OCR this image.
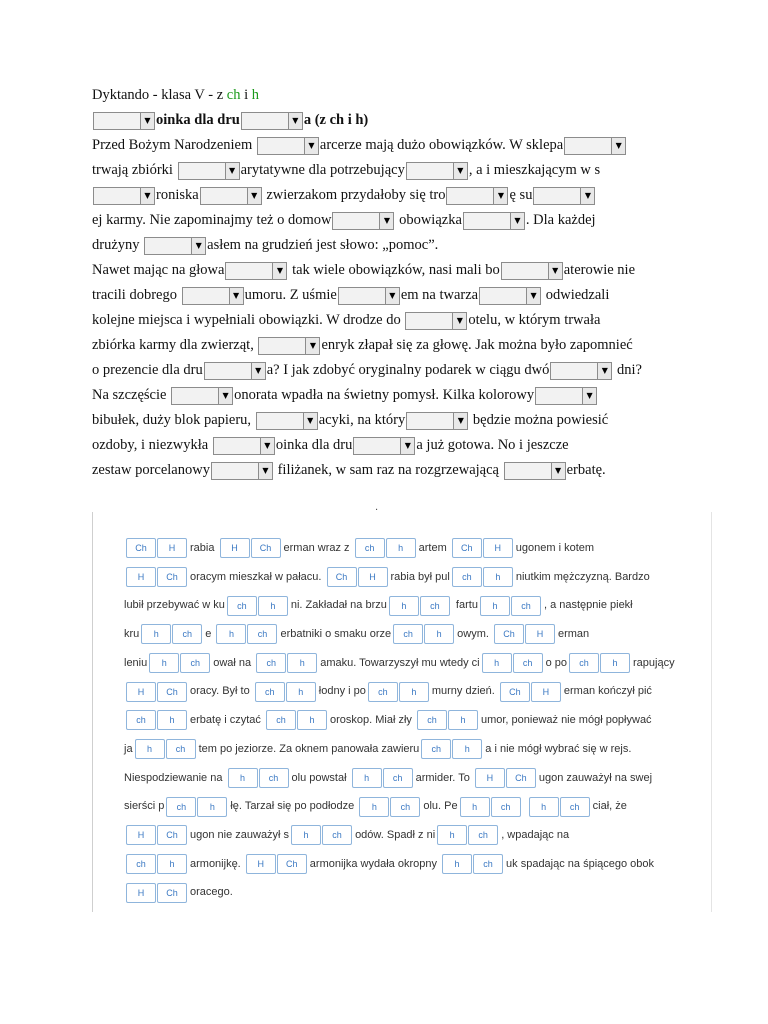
Dyktando - klasa V - z ch i h
▼ oinka dla dru	▼ a (z ch i h)
Przed Bożym Narodzeniem	▼ arcerze mają dużo obowiązków. W sklepa	▼
trwają zbiórki	▼ arytatywne dla potrzebujący	▼ , a i mieszkającym w s
▼ roniska	▼ zwierzakom przydałoby się tro	▼ ę su	▼
ej karmy. Nie zapominajmy też o domow	▼ obowiązka	▼ . Dla każdej
drużyny	▼ asłem na grudzień jest słowo: „pomoc”.
Nawet mając na głowa	▼ tak wiele obowiązków, nasi mali bo	▼ aterowie nie
tracili dobrego	▼ umoru. Z uśmie	▼ em na twarza	▼ odwiedzali
kolejne miejsca i wypełniali obowiązki. W drodze do	▼ otelu, w którym trwała
zbiórka karmy dla zwierząt,	▼ enryk złapał się za głowę. Jak można było zapomnieć
o prezencie dla dru	▼ a? I jak zdobyć oryginalny podarek w ciągu dwó	▼ dni?
Na szczęście	▼ onorata wpadła na świetny pomysł. Kilka kolorowy	▼
bibułek, duży blok papieru,	▼ acyki, na który	▼ będzie można powiesić
ozdoby, i niezwykła	▼ oinka dla dru	▼ a już gotowa. No i jeszcze
zestaw porcelanowy	▼ filiżanek, w sam raz na rozgrzewającą	▼ erbatę.
·
Ch	H	rabia	H	Ch	erman wraz z	ch	h	artem	Ch	H	ugonem i kotem
H	Ch	oracym mieszkał w pałacu.	Ch	H	rabia był pul	ch	h	niutkim mężczyzną. Bardzo
lubił przebywać w ku	ch	h	ni. Zakładał na brzu	h	ch	fartu	h	ch	, a następnie piekł
kru	h	ch	e	h	ch	erbatniki o smaku orze	ch	h	owym.	Ch	H	erman
leniu	h	ch	ował na	ch	h	amaku. Towarzyszył mu wtedy ci	h	ch	o po	ch	h	rapujący
H	Ch	oracy. Był to	ch	h	łodny i po	ch	h	murny dzień.	Ch	H	erman kończył pić
ch	h	erbatę i czytać	ch	h	oroskop. Miał zły	ch	h	umor, ponieważ nie mógł popływać
ja	h	ch	tem po jeziorze. Za oknem panowała zawieru	ch	h	a i nie mógł wybrać się w rejs.
Niespodziewanie na	h	ch	olu powstał	h	ch	armider. To	H	Ch	ugon zauważył na swej
sierści p	ch	h	łę. Tarzał się po podłodze	h	ch	olu. Pe	h	ch
	h	ch	ciał, że
H	Ch	ugon nie zauważył s	h	ch	odów. Spadł z ni	h	ch	, wpadając na
ch	h	armonijkę.	H	Ch	armonijka wydała okropny	h	ch	uk spadając na śpiącego obok
H	Ch	oracego.
